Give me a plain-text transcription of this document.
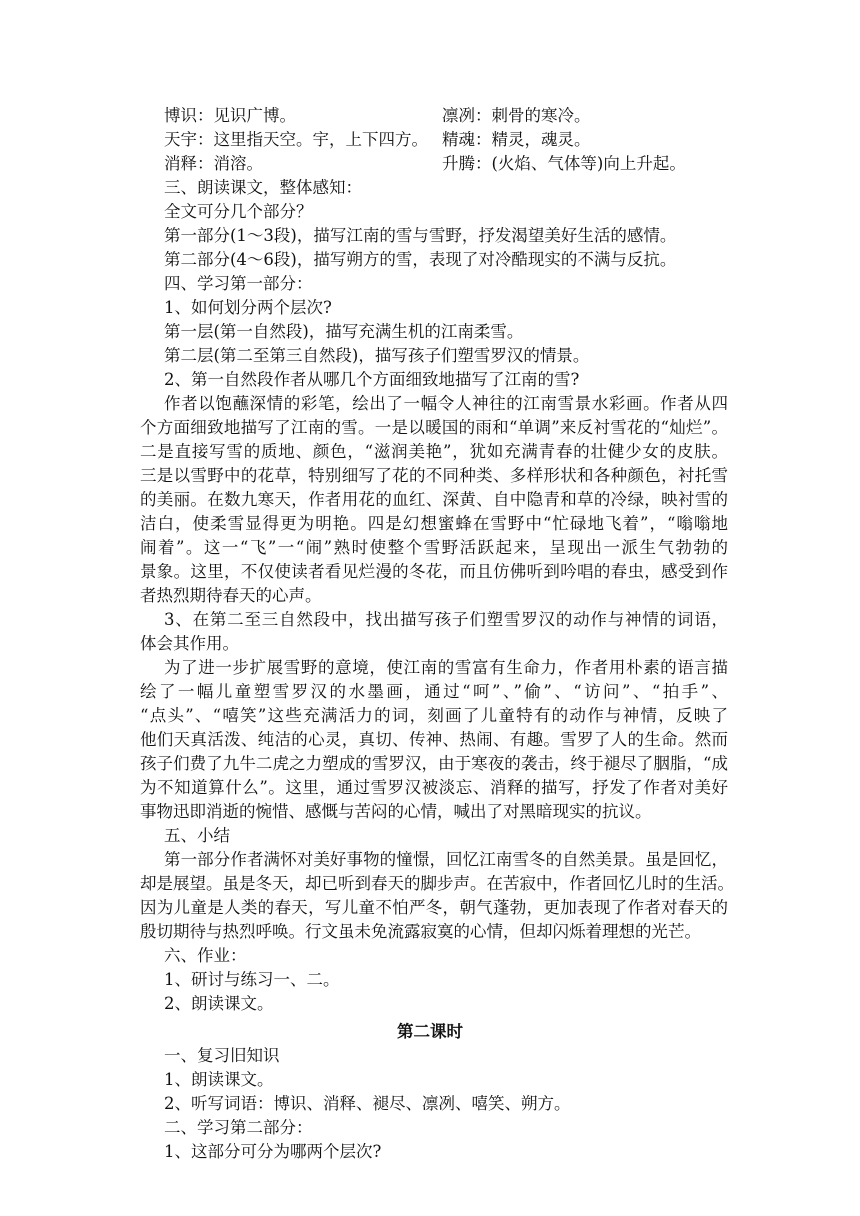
博识：见识广博。	凛冽：刺骨的寒冷。
天宇：这里指天空。宇，上下四方。 精魂：精灵，魂灵。
消释：消溶。	升腾：(火焰、气体等)向上升起。
三、朗读课文，整体感知：
全文可分几个部分？
第一部分(1～3段)，描写江南的雪与雪野，抒发渴望美好生活的感情。
第二部分(4～6段)，描写朔方的雪，表现了对冷酷现实的不满与反抗。
四、学习第一部分：
1、如何划分两个层次?
第一层(第一自然段)，描写充满生机的江南柔雪。
第二层(第二至第三自然段)，描写孩子们塑雪罗汉的情景。
2、第一自然段作者从哪几个方面细致地描写了江南的雪?
作者以饱蘸深情的彩笔，绘出了一幅令人神往的江南雪景水彩画。作者从四
个方面细致地描写了江南的雪。一是以暖国的雨和“单调”来反衬雪花的“灿烂”。
二是直接写雪的质地、颜色，“滋润美艳”，犹如充满青春的壮健少女的皮肤。
三是以雪野中的花草，特别细写了花的不同种类、多样形状和各种颜色，衬托雪
的美丽。在数九寒天，作者用花的血红、深黄、自中隐青和草的冷绿，映衬雪的
洁白，使柔雪显得更为明艳。四是幻想蜜蜂在雪野中“忙碌地飞着”，“嗡嗡地
闹着”。这一“飞”一“闹”熟时使整个雪野活跃起来，呈现出一派生气勃勃的
景象。这里，不仅使读者看见烂漫的冬花，而且仿佛听到吟唱的春虫，感受到作
者热烈期待春天的心声。
3、在第二至三自然段中，找出描写孩子们塑雪罗汉的动作与神情的词语，
体会其作用。
为了进一步扩展雪野的意境，使江南的雪富有生命力，作者用朴素的语言描
绘了一幅儿童塑雪罗汉的水墨画，通过“呵”、”偷”、“访问”、“拍手”、
“点头”、“嘻笑”这些充满活力的词，刻画了儿童特有的动作与神情，反映了
他们天真活泼、纯洁的心灵，真切、传神、热闹、有趣。雪罗了人的生命。然而
孩子们费了九牛二虎之力塑成的雪罗汉，由于寒夜的袭击，终于褪尽了胭脂，“成
为不知道算什么”。这里，通过雪罗汉被淡忘、消释的描写，抒发了作者对美好
事物迅即消逝的惋惜、感慨与苦闷的心情，喊出了对黑暗现实的抗议。
五、小结
第一部分作者满怀对美好事物的憧憬，回忆江南雪冬的自然美景。虽是回忆，
却是展望。虽是冬天，却已听到春天的脚步声。在苦寂中，作者回忆儿时的生活。
因为儿童是人类的春天，写儿童不怕严冬，朝气蓬勃，更加表现了作者对春天的
殷切期待与热烈呼唤。行文虽未免流露寂寞的心情，但却闪烁着理想的光芒。
六、作业：
1、研讨与练习一、二。
2、朗读课文。
第二课时
一、复习旧知识
1、朗读课文。
2、听写词语：博识、消释、褪尽、凛冽、嘻笑、朔方。
二、学习第二部分：
1、这部分可分为哪两个层次?
